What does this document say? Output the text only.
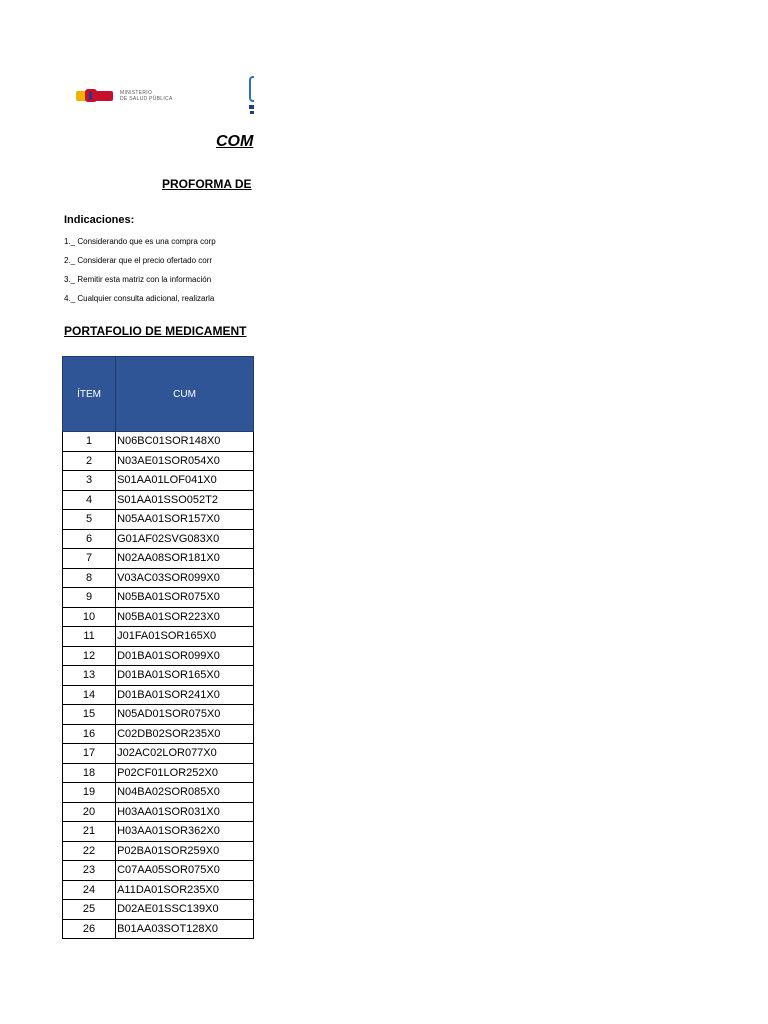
MINISTERIO
DE SALUD PÚBLICA
COM
PROFORMA DE
Indicaciones:
1._ Considerando que es una compra corp
2._ Considerar que el precio ofertado corr
3._ Remitir esta matriz con la información
4._ Cualquier consulta adicional, realizarla
PORTAFOLIO DE MEDICAMENT
ÍTEM	CUM
1	N06BC01SOR148X0
2	N03AE01SOR054X0
3	S01AA01LOF041X0
4	S01AA01SSO052T2
5	N05AA01SOR157X0
6	G01AF02SVG083X0
7	N02AA08SOR181X0
8	V03AC03SOR099X0
9	N05BA01SOR075X0
10	N05BA01SOR223X0
11	J01FA01SOR165X0
12	D01BA01SOR099X0
13	D01BA01SOR165X0
14	D01BA01SOR241X0
15	N05AD01SOR075X0
16	C02DB02SOR235X0
17	J02AC02LOR077X0
18	P02CF01LOR252X0
19	N04BA02SOR085X0
20	H03AA01SOR031X0
21	H03AA01SOR362X0
22	P02BA01SOR259X0
23	C07AA05SOR075X0
24	A11DA01SOR235X0
25	D02AE01SSC139X0
26	B01AA03SOT128X0
